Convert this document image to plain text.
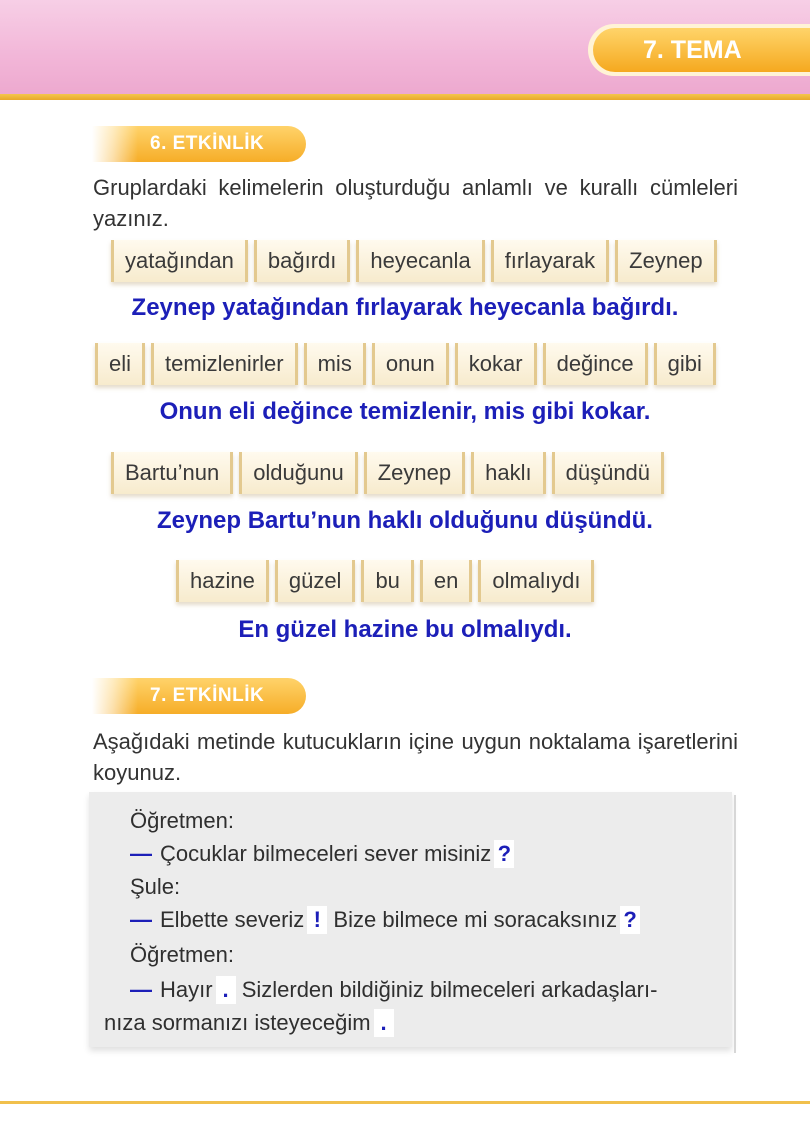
7. TEMA
6. ETKİNLİK

Gruplardaki kelimelerin oluşturduğu anlamlı ve kurallı cümleleri yazınız.

yatağından	bağırdı	heyecanla	fırlayarak	Zeynep
Zeynep yatağından fırlayarak heyecanla bağırdı.
eli	temizlenirler	mis	onun	kokar	değince	gibi
Onun eli değince temizlenir, mis gibi kokar.
Bartu’nun	olduğunu	Zeynep	haklı	düşündü
Zeynep Bartu’nun haklı olduğunu düşündü.
hazine	güzel	bu	en	olmalıydı
En güzel hazine bu olmalıydı.
7. ETKİNLİK

Aşağıdaki metinde kutucukların içine uygun noktalama işaretlerini koyunuz.

Öğretmen:
— Çocuklar bilmeceleri sever misiniz ?
Şule:
— Elbette severiz ! Bize bilmece mi soracaksınız ?
Öğretmen:
— Hayır . Sizlerden bildiğiniz bilmeceleri arkadaşları-
nıza sormanızı isteyeceğim .
